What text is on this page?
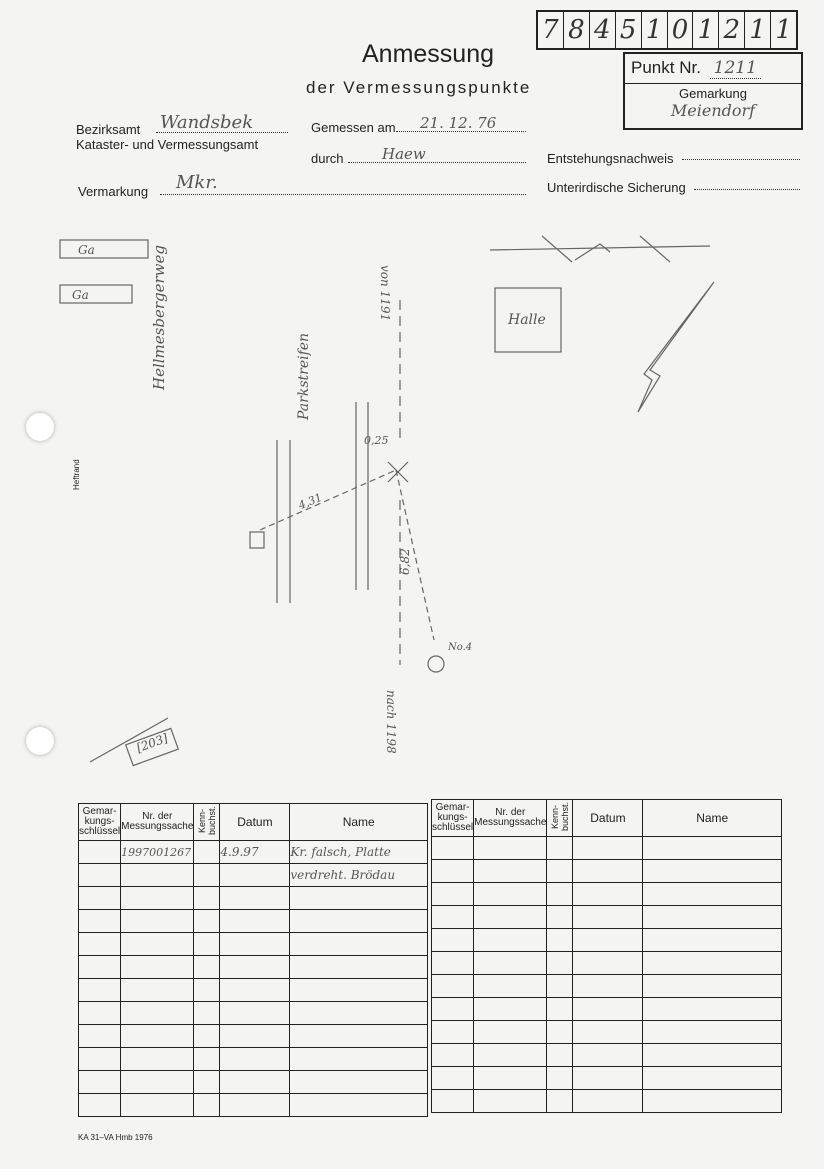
7 8 4 5 1 0 1 2 1 1
Punkt Nr. 1211
Gemarkung
Meiendorf
Anmessung
der Vermessungspunkte
Bezirksamt Wandsbek
Kataster- und Vermessungsamt
Gemessen am 21. 12. 76
durch	Haew	Entstehungsnachweis
Vermarkung Mkr.	Unterirdische Sicherung
Ga
Ga
Halle
Hellmesbergerweg	Parkstreifen
von 1191
nach 1198
0,25
4,31
6,82
No.4
[203]
Heftrand
Gemar-kungs-schlüssel	Nr. der Messungssache	Kenn-buchst.	Datum	Name
	1997001267		4.9.97	Kr. falsch, Platte
				verdreht. Brödau

Gemar-kungs-schlüssel	Nr. der Messungssache	Kenn-buchst.	Datum	Name

KA 31–VA Hmb 1976
